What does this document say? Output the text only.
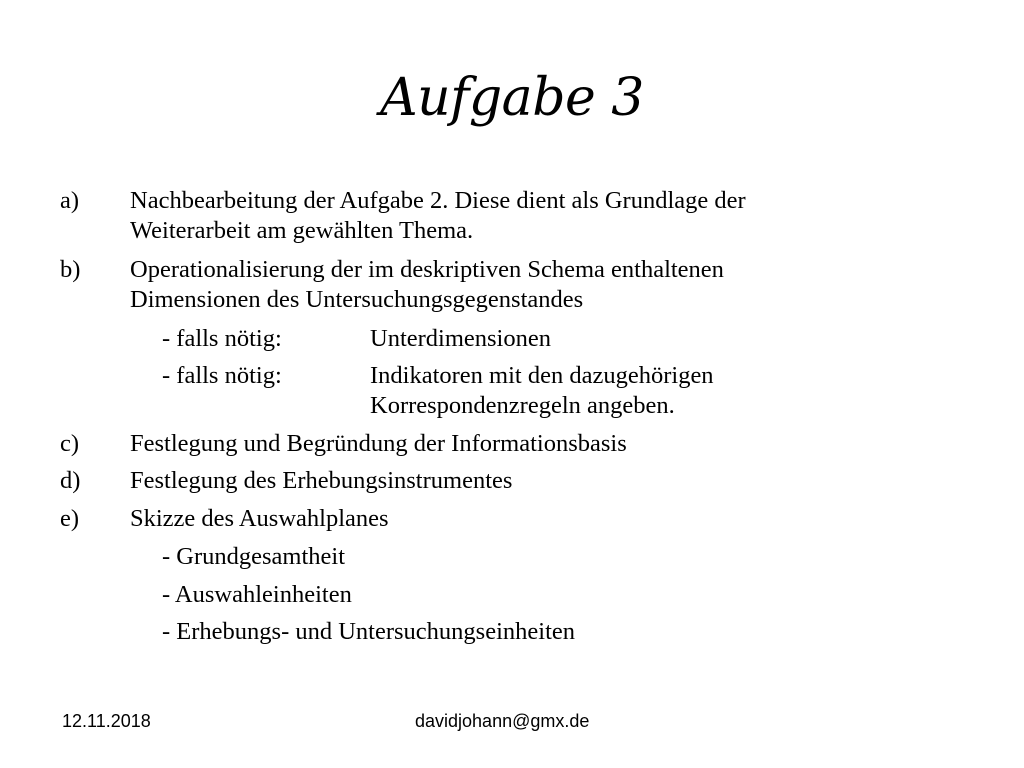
Aufgabe 3
a) Nachbearbeitung der Aufgabe 2. Diese dient als Grundlage der
Weiterarbeit am gewählten Thema.
b) Operationalisierung der im deskriptiven Schema enthaltenen
Dimensionen des Untersuchungsgegenstandes
- falls nötig:	Unterdimensionen
- falls nötig:	Indikatoren mit den dazugehörigen
Korrespondenzregeln angeben.
c) Festlegung und Begründung der Informationsbasis
d) Festlegung des Erhebungsinstrumentes
e) Skizze des Auswahlplanes
- Grundgesamtheit
- Auswahleinheiten
- Erhebungs- und Untersuchungseinheiten
12.11.2018	davidjohann@gmx.de
